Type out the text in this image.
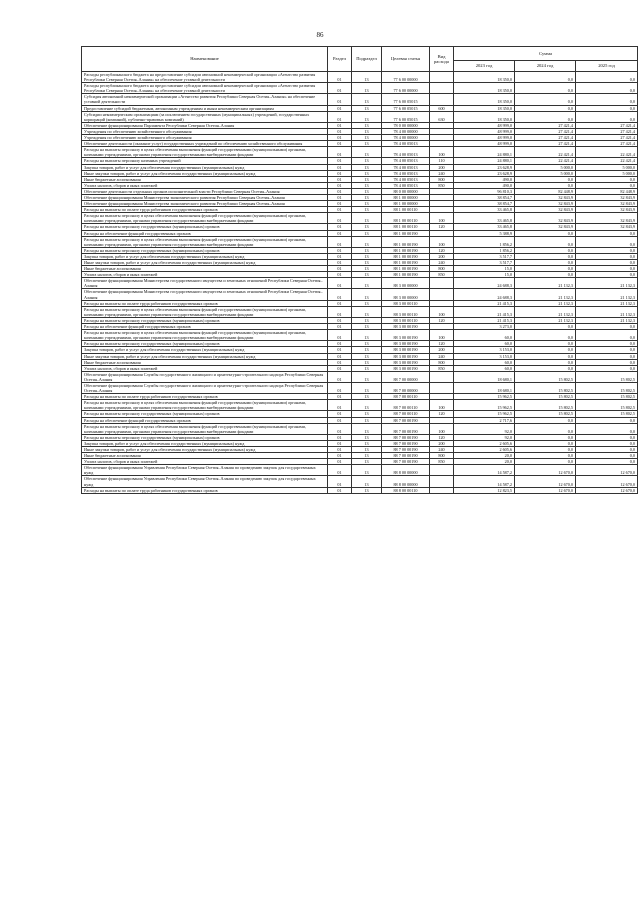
86
Наименование	Раздел	Подраздел	Целевая статья	Вид расхода	Сумма		
					2023 год	2024 год	2025 год
Расходы республиканского бюджета на предоставление субсидии автономной некоммерческой организации «Агентство развития Республики Северная Осетия–Алания» на обеспечение уставной деятельности	01	13	77 6 00 00000		18 350,0	0,0	0,0
Расходы республиканского бюджета на предоставление субсидии автономной некоммерческой организации «Агентство развития Республики Северная Осетия–Алания» на обеспечение уставной деятельности	01	13	77 6 00 00000		18 350,0	0,0	0,0
Субсидия автономной некоммерческой организации «Агентство развития Республики Северная Осетия–Алания» на обеспечение уставной деятельности	01	13	77 6 00 05015		18 350,0	0,0	0,0
Предоставление субсидий бюджетным, автономным учреждениям и иным некоммерческим организациям	01	13	77 6 00 05015	600	18 350,0	0,0	0,0
Субсидии некоммерческим организациям (за исключением государственных (муниципальных) учреждений, государственных корпораций (компаний), публично-правовых компаний)	01	13	77 6 00 05015	630	18 350,0	0,0	0,0
Обеспечение функционирования Парламента Республики Северная Осетия–Алания	01	13	78 0 00 00000		48 999,0	27 421,4	27 421,4
Учреждения по обеспечению хозяйственного обслуживания	01	13	78 4 00 00000		48 999,0	27 421,4	27 421,4
Учреждения по обеспечению хозяйственного обслуживания	01	13	78 4 00 00000		48 999,0	27 421,4	27 421,4
Обеспечение деятельности (оказание услуг) государственных учреждений по обеспечению хозяйственного обслуживания	01	13	78 4 00 05013		48 999,0	27 421,4	27 421,4
Расходы на выплаты персоналу в целях обеспечения выполнения функций государственными (муниципальными) органами, казенными учреждениями, органами управления государственными внебюджетными фондами	01	13	78 4 00 05013	100	24 880,1	22 421,4	22 421,4
Расходы на выплаты персоналу казенных учреждений	01	13	78 4 00 05013	110	24 880,1	22 421,4	22 421,4
Закупка товаров, работ и услуг для обеспечения государственных (муниципальных) нужд	01	13	78 4 00 05013	200	23 628,9	5 000,0	5 000,0
Иные закупки товаров, работ и услуг для обеспечения государственных (муниципальных) нужд	01	13	78 4 00 05013	240	23 628,9	5 000,0	5 000,0
Иные бюджетные ассигнования	01	13	78 4 00 05013	800	490,0	0,0	0,0
Уплата налогов, сборов и иных платежей	01	13	78 4 00 05013	850	490,0	0,0	0,0
Обеспечение деятельности отдельных органов исполнительной власти Республики Северная Осетия–Алания	01	13	88 0 00 00000		96 810,3	82 448,9	82 448,9
Обеспечение функционирования Министерства экономического развития Республики Северная Осетия–Алания	01	13	88 1 00 00000		38 854,7	32 843,9	32 843,9
Обеспечение функционирования Министерства экономического развития Республики Северная Осетия–Алания	01	13	88 1 00 00000		38 854,7	32 843,9	32 843,9
Расходы на выплаты по оплате труда работников государственных органов	01	13	88 1 00 00110		33 465,8	32 843,9	32 843,9
Расходы на выплаты персоналу в целях обеспечения выполнения функций государственными (муниципальными) органами, казенными учреждениями, органами управления государственными внебюджетными фондами	01	13	88 1 00 00110	100	33 465,8	32 843,9	32 843,9
Расходы на выплаты персоналу государственных (муниципальных) органов	01	13	88 1 00 00110	120	33 465,8	32 843,9	32 843,9
Расходы на обеспечение функций государственных органов	01	13	88 1 00 00190		5 388,9	0,0	0,0
Расходы на выплаты персоналу в целях обеспечения выполнения функций государственными (муниципальными) органами, казенными учреждениями, органами управления государственными внебюджетными фондами	01	13	88 1 00 00190	100	1 856,2	0,0	0,0
Расходы на выплаты персоналу государственных (муниципальных) органов	01	13	88 1 00 00190	120	1 856,2	0,0	0,0
Закупка товаров, работ и услуг для обеспечения государственных (муниципальных) нужд	01	13	88 1 00 00190	200	3 517,7	0,0	0,0
Иные закупки товаров, работ и услуг для обеспечения государственных (муниципальных) нужд	01	13	88 1 00 00190	240	3 517,7	0,0	0,0
Иные бюджетные ассигнования	01	13	88 1 00 00190	800	15,0	0,0	0,0
Уплата налогов, сборов и иных платежей	01	13	88 1 00 00190	850	15,0	0,0	0,0
Обеспечение функционирования Министерства государственного имущества и земельных отношений Республики Северная Осетия–Алания	01	13	88 3 00 00000		24 688,3	21 132,3	21 132,3
Обеспечение функционирования Министерства государственного имущества и земельных отношений Республики Северная Осетия–Алания	01	13	88 3 00 00000		24 688,3	21 132,3	21 132,3
Расходы на выплаты по оплате труда работников государственных органов	01	13	88 3 00 00110		21 415,3	21 132,3	21 132,3
Расходы на выплаты персоналу в целях обеспечения выполнения функций государственными (муниципальными) органами, казенными учреждениями, органами управления государственными внебюджетными фондами	01	13	88 3 00 00110	100	21 415,3	21 132,3	21 132,3
Расходы на выплаты персоналу государственных (муниципальных) органов	01	13	88 3 00 00110	120	21 415,3	21 132,3	21 132,3
Расходы на обеспечение функций государственных органов	01	13	88 3 00 00190		3 273,0	0,0	0,0
Расходы на выплаты персоналу в целях обеспечения выполнения функций государственными (муниципальными) органами, казенными учреждениями, органами управления государственными внебюджетными фондами	01	13	88 3 00 00190	100	60,0	0,0	0,0
Расходы на выплаты персоналу государственных (муниципальных) органов	01	13	88 3 00 00190	120	60,0	0,0	0,0
Закупка товаров, работ и услуг для обеспечения государственных (муниципальных) нужд	01	13	88 3 00 00190	200	3 153,0	0,0	0,0
Иные закупки товаров, работ и услуг для обеспечения государственных (муниципальных) нужд	01	13	88 3 00 00190	240	3 153,0	0,0	0,0
Иные бюджетные ассигнования	01	13	88 3 00 00190	800	60,0	0,0	0,0
Уплата налогов, сборов и иных платежей	01	13	88 3 00 00190	850	60,0	0,0	0,0
Обеспечение функционирования Службы государственного жилищного и архитектурно-строительного надзора Республики Северная Осетия–Алания	01	13	88 7 00 00000		18 680,1	15 802,5	15 802,5
Обеспечение функционирования Службы государственного жилищного и архитектурно-строительного надзора Республики Северная Осетия–Алания	01	13	88 7 00 00000		18 680,1	15 802,5	15 802,5
Расходы на выплаты по оплате труда работников государственных органов	01	13	88 7 00 00110		15 962,5	15 802,5	15 802,5
Расходы на выплаты персоналу в целях обеспечения выполнения функций государственными (муниципальными) органами, казенными учреждениями, органами управления государственными внебюджетными фондами	01	13	88 7 00 00110	100	15 962,5	15 802,5	15 802,5
Расходы на выплаты персоналу государственных (муниципальных) органов	01	13	88 7 00 00110	120	15 962,5	15 802,5	15 802,5
Расходы на обеспечение функций государственных органов	01	13	88 7 00 00190		2 717,6	0,0	0,0
Расходы на выплаты персоналу в целях обеспечения выполнения функций государственными (муниципальными) органами, казенными учреждениями, органами управления государственными внебюджетными фондами	01	13	88 7 00 00190	100	92,0	0,0	0,0
Расходы на выплаты персоналу государственных (муниципальных) органов	01	13	88 7 00 00190	120	92,0	0,0	0,0
Закупка товаров, работ и услуг для обеспечения государственных (муниципальных) нужд	01	13	88 7 00 00190	200	2 605,6	0,0	0,0
Иные закупки товаров, работ и услуг для обеспечения государственных (муниципальных) нужд	01	13	88 7 00 00190	240	2 605,6	0,0	0,0
Иные бюджетные ассигнования	01	13	88 7 00 00190	800	20,0	0,0	0,0
Уплата налогов, сборов и иных платежей	01	13	88 7 00 00190	850	20,0	0,0	0,0
Обеспечение функционирования Управления Республики Северная Осетия–Алания по проведению закупок для государственных нужд	01	13	88 8 00 00000		14 587,2	12 670,0	12 670,0
Обеспечение функционирования Управления Республики Северная Осетия–Алания по проведению закупок для государственных нужд	01	13	88 8 00 00000		14 587,2	12 670,0	12 670,0
Расходы на выплаты по оплате труда работников государственных органов	01	13	88 8 00 00110		12 823,5	12 670,0	12 670,0
